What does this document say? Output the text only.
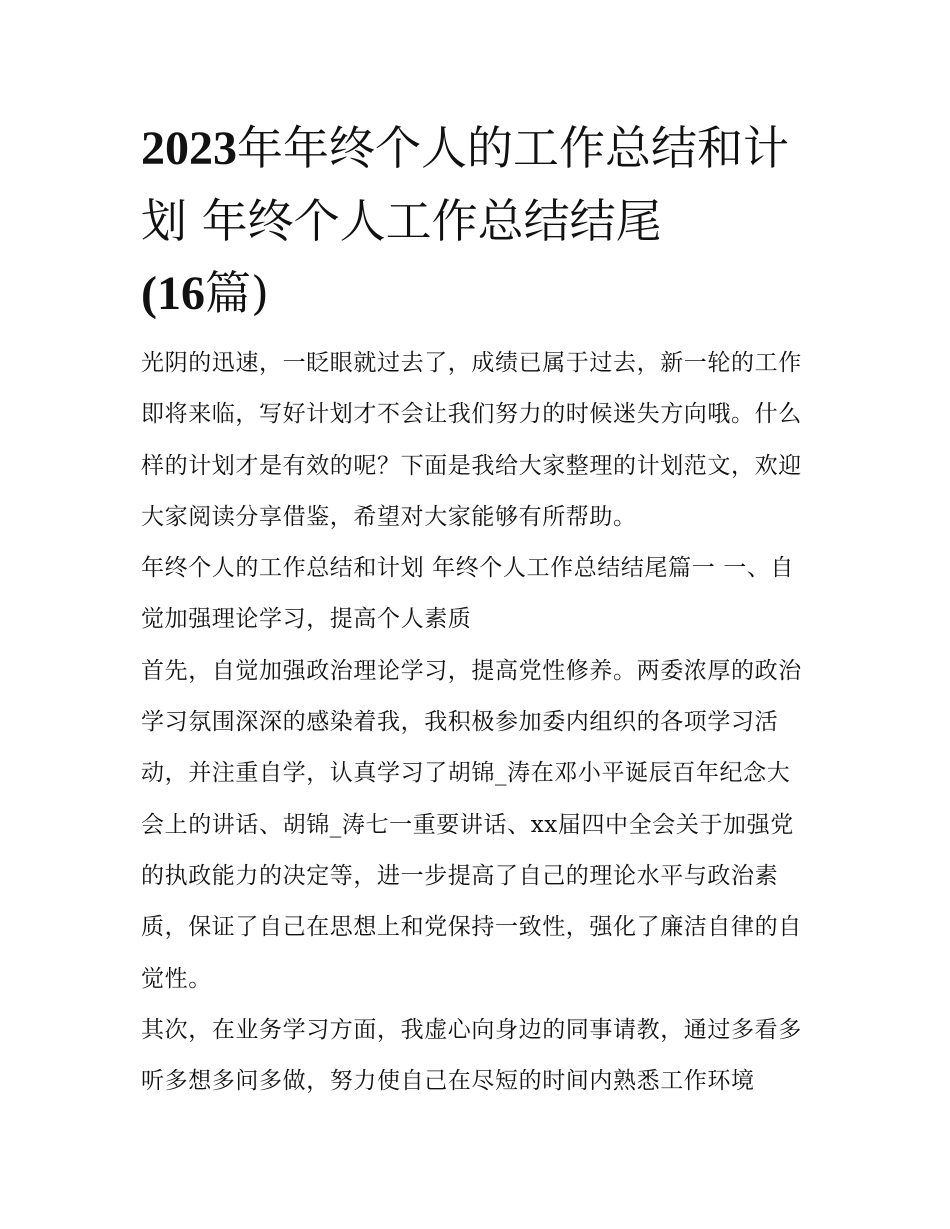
2023年年终个人的工作总结和计划 年终个人工作总结结尾
(16篇)

光阴的迅速，一眨眼就过去了，成绩已属于过去，新一轮的工作即将来临，写好计划才不会让我们努力的时候迷失方向哦。什么样的计划才是有效的呢？下面是我给大家整理的计划范文，欢迎大家阅读分享借鉴，希望对大家能够有所帮助。

年终个人的工作总结和计划 年终个人工作总结结尾篇一 一、自觉加强理论学习，提高个人素质

首先，自觉加强政治理论学习，提高党性修养。两委浓厚的政治学习氛围深深的感染着我，我积极参加委内组织的各项学习活动，并注重自学，认真学习了胡锦_涛在邓小平诞辰百年纪念大会上的讲话、胡锦_涛七一重要讲话、xx届四中全会关于加强党的执政能力的决定等，进一步提高了自己的理论水平与政治素质，保证了自己在思想上和党保持一致性，强化了廉洁自律的自觉性。

其次，在业务学习方面，我虚心向身边的同事请教，通过多看多听多想多问多做，努力使自己在尽短的时间内熟悉工作环境
